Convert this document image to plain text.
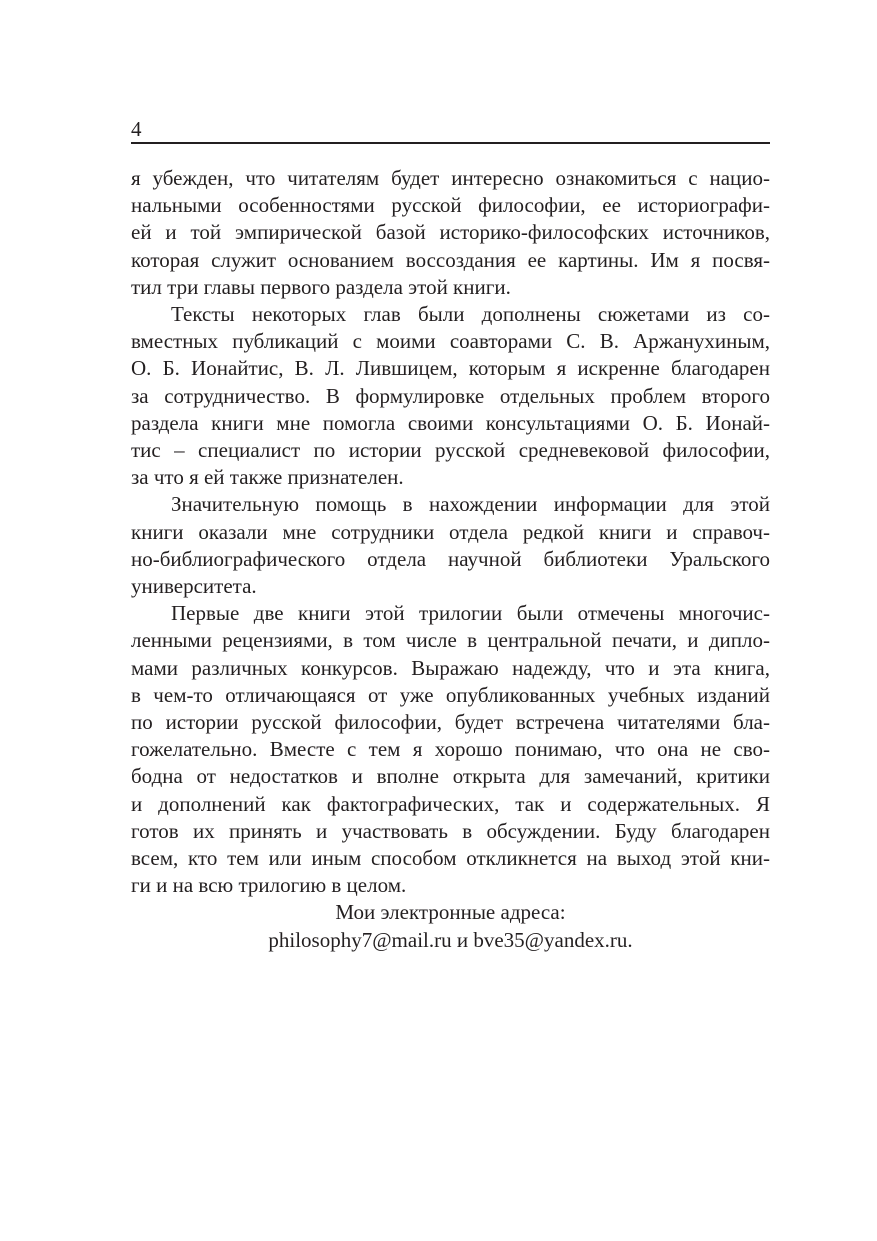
4
я убежден, что читателям будет интересно ознакомиться с нацио-
нальными особенностями русской философии, ее историографи-
ей и той эмпирической базой историко-философских источников,
которая служит основанием воссоздания ее картины. Им я посвя-
тил три главы первого раздела этой книги.
Тексты некоторых глав были дополнены сюжетами из со-
вместных публикаций с моими соавторами С. В. Аржанухиным,
О. Б. Ионайтис, В. Л. Лившицем, которым я искренне благодарен
за сотрудничество. В формулировке отдельных проблем второго
раздела книги мне помогла своими консультациями О. Б. Ионай-
тис – специалист по истории русской средневековой философии,
за что я ей также признателен.
Значительную помощь в нахождении информации для этой
книги оказали мне сотрудники отдела редкой книги и справоч-
но-библиографического отдела научной библиотеки Уральского
университета.
Первые две книги этой трилогии были отмечены многочис-
ленными рецензиями, в том числе в центральной печати, и дипло-
мами различных конкурсов. Выражаю надежду, что и эта книга,
в чем-то отличающаяся от уже опубликованных учебных изданий
по истории русской философии, будет встречена читателями бла-
гожелательно. Вместе с тем я хорошо понимаю, что она не сво-
бодна от недостатков и вполне открыта для замечаний, критики
и дополнений как фактографических, так и содержательных. Я
готов их принять и участвовать в обсуждении. Буду благодарен
всем, кто тем или иным способом откликнется на выход этой кни-
ги и на всю трилогию в целом.
Мои электронные адреса:
philosophy7@mail.ru и bve35@yandex.ru.
